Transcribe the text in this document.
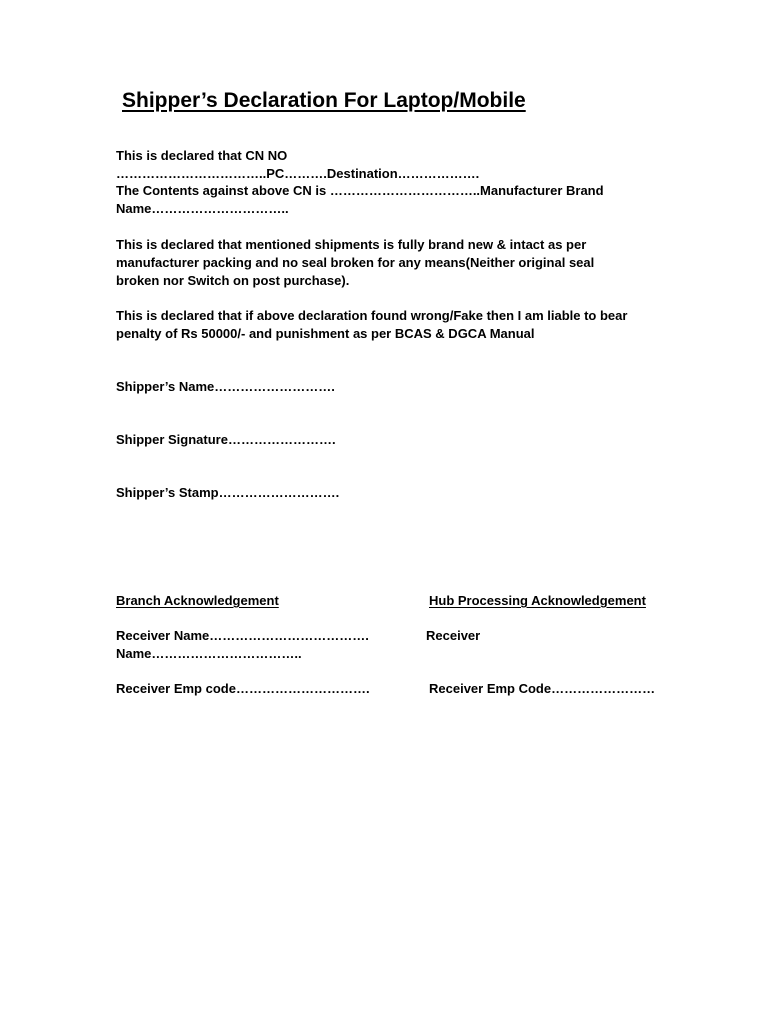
Shipper’s Declaration For Laptop/Mobile
This is declared that CN NO ……………………………..PC……….Destination……………….
The Contents against above CN is ……………………………..Manufacturer Brand Name…………………………..
This is declared that mentioned shipments is fully brand new & intact as per manufacturer packing and no seal broken for any means(Neither original seal broken nor Switch on post purchase).
This is declared that if above declaration found wrong/Fake then I am liable to bear penalty of Rs 50000/- and punishment as per BCAS & DGCA Manual
Shipper’s Name……………………….
Shipper Signature…………………….
Shipper’s Stamp……………………….
Branch Acknowledgement
Receiver Name……………………………….
Name……………………………..
Receiver Emp code………………………….
Hub Processing Acknowledgement
Receiver
Receiver Emp Code……………………
